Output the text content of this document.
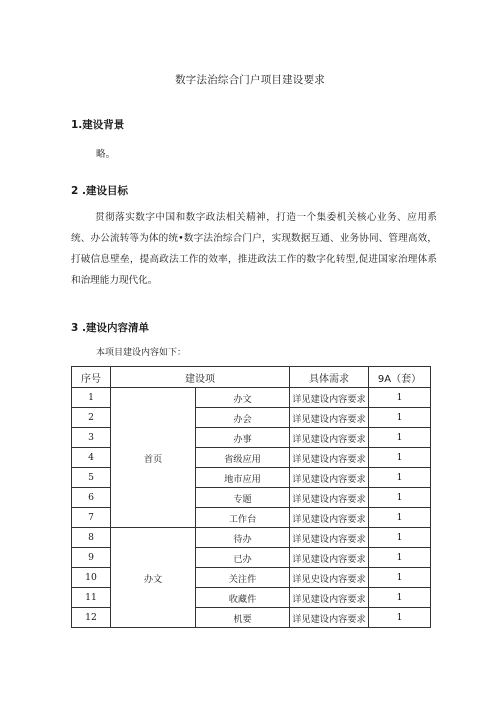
数字法治综合门户项目建设要求
1.建设背景
略。
2 .建设目标
贯彻落实数字中国和数字政法相关精神，打造一个集委机关核心业务、应用系统、办公流转等为体的统•数字法治综合门户，实现数据互通、业务协同、管理高效，打破信息壁垒，提高政法工作的效率，推进政法工作的数字化转型,促进国家治理体系和治理能力现代化。
3 .建设内容清单
本项目建设内容如下：
序号	建设项		具体需求	9A（套）
1	首页	办文	详见建设内容要求	1
2		办会	详见建设内容要求	1
3		办事	详见建设内容要求	1
4		省级应用	详见建设内容要求	1
5		地市应用	详见建设内容要求	1
6		专题	详见建设内容要求	1
7		工作台	详见建设内容要求	1
8	办文	待办	详见建设内容要求	1
9		已办	详见建设内容要求	1
10		关注件	详见史设内容要求	1
11		收藏件	详见建设内容要求	1
12		机要	详见建设内容要求	1
